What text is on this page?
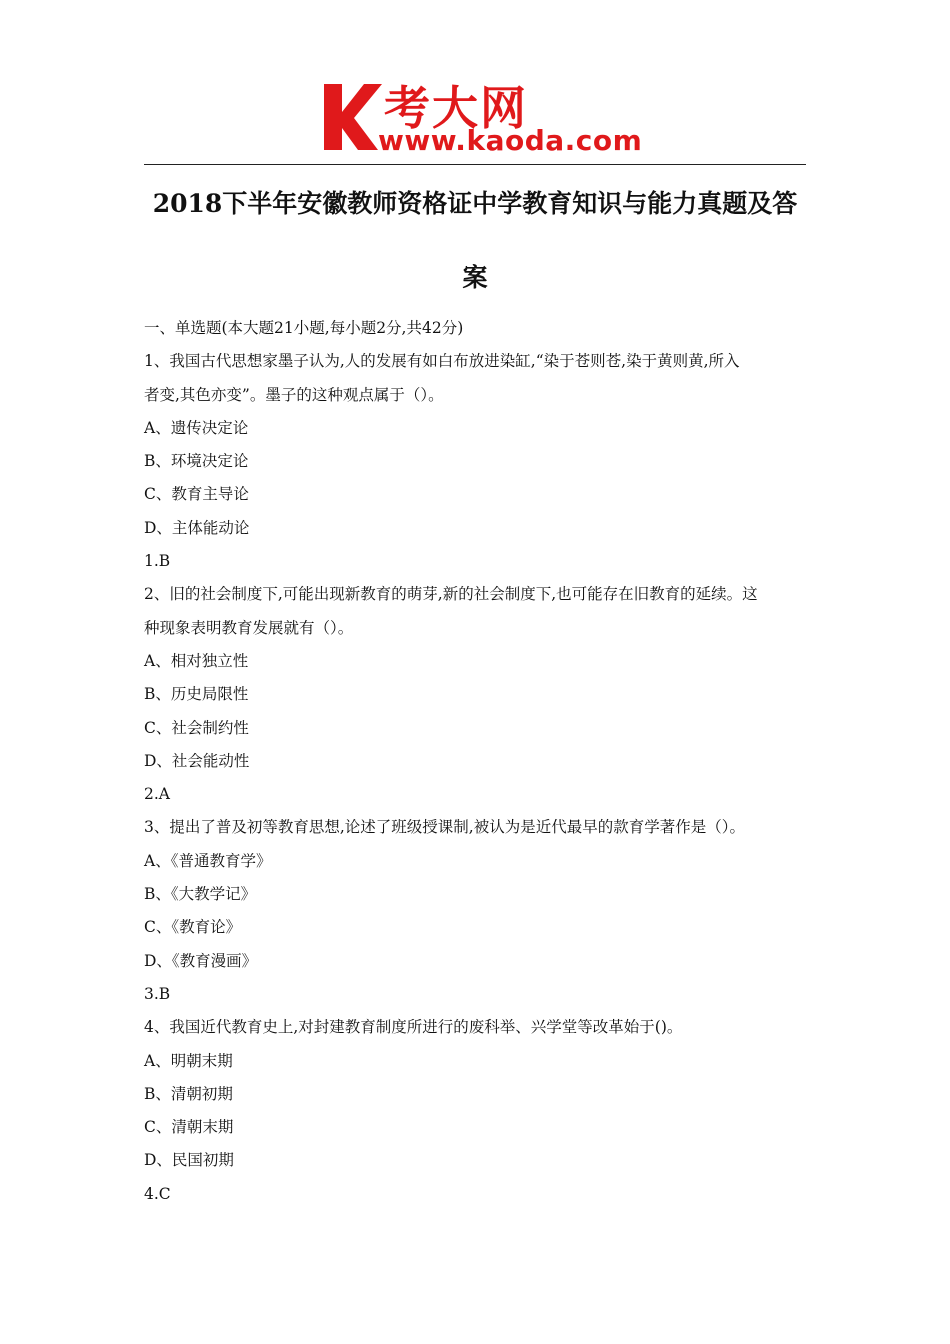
考大网
www.kaoda.com
2018下半年安徽教师资格证中学教育知识与能力真题及答
案
一、单选题(本大题21小题,每小题2分,共42分)
1、我国古代思想家墨子认为,人的发展有如白布放进染缸,“染于苍则苍,染于黄则黄,所入
者变,其色亦变”。墨子的这种观点属于（）。
A、遗传决定论
B、环境决定论
C、教育主导论
D、主体能动论
1.B
2、旧的社会制度下,可能出现新教育的萌芽,新的社会制度下,也可能存在旧教育的延续。这
种现象表明教育发展就有（）。
A、相对独立性
B、历史局限性
C、社会制约性
D、社会能动性
2.A
3、提出了普及初等教育思想,论述了班级授课制,被认为是近代最早的款育学著作是（）。
A、《普通教育学》
B、《大教学记》
C、《教育论》
D、《教育漫画》
3.B
4、我国近代教育史上,对封建教育制度所进行的废科举、兴学堂等改革始于()。
A、明朝末期
B、清朝初期
C、清朝末期
D、民国初期
4.C
